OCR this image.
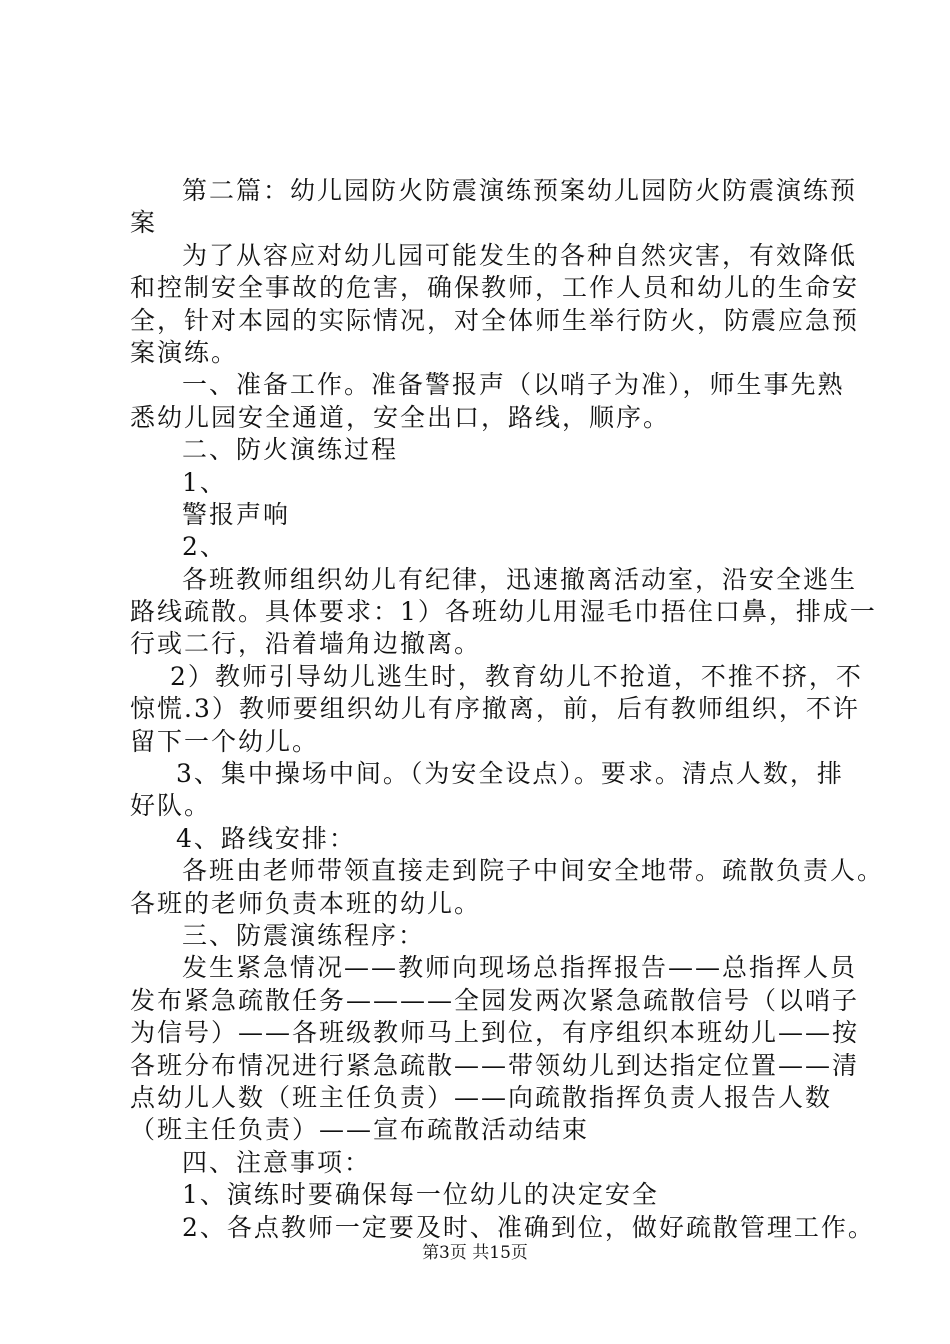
第二篇：幼儿园防火防震演练预案幼儿园防火防震演练预
案
为了从容应对幼儿园可能发生的各种自然灾害，有效降低
和控制安全事故的危害，确保教师，工作人员和幼儿的生命安
全，针对本园的实际情况，对全体师生举行防火，防震应急预
案演练。
一、准备工作。准备警报声（以哨子为准），师生事先熟
悉幼儿园安全通道，安全出口，路线，顺序。
二、防火演练过程
1、
警报声响
2、
各班教师组织幼儿有纪律，迅速撤离活动室，沿安全逃生
路线疏散。具体要求：1）各班幼儿用湿毛巾捂住口鼻，排成一
行或二行，沿着墙角边撤离。
2）教师引导幼儿逃生时，教育幼儿不抢道，不推不挤，不
惊慌.3）教师要组织幼儿有序撤离，前，后有教师组织，不许
留下一个幼儿。
3、集中操场中间。（为安全设点）。要求。清点人数，排
好队。
4、路线安排：
各班由老师带领直接走到院子中间安全地带。疏散负责人。
各班的老师负责本班的幼儿。
三、防震演练程序：
发生紧急情况——教师向现场总指挥报告——总指挥人员
发布紧急疏散任务————全园发两次紧急疏散信号（以哨子
为信号）——各班级教师马上到位，有序组织本班幼儿——按
各班分布情况进行紧急疏散——带领幼儿到达指定位置——清
点幼儿人数（班主任负责）——向疏散指挥负责人报告人数
（班主任负责）——宣布疏散活动结束
四、注意事项：
1、演练时要确保每一位幼儿的决定安全
2、各点教师一定要及时、准确到位，做好疏散管理工作。
第3页 共15页
